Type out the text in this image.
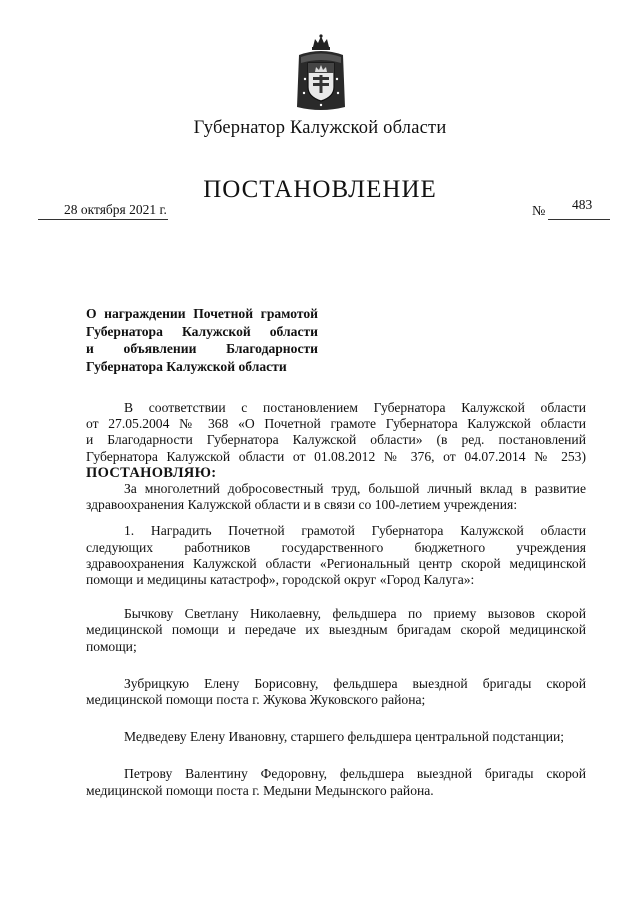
Губернатор Калужской области
ПОСТАНОВЛЕНИЕ
28 октября 2021 г.	№ 483
О награждении Почетной грамотой
Губернатора Калужской области
и объявлении Благодарности
Губернатора Калужской области

В соответствии с постановлением Губернатора Калужской области

от 27.05.2004 № 368 «О Почетной грамоте Губернатора Калужской области

и Благодарности Губернатора Калужской области» (в ред. постановлений

Губернатора Калужской области от 01.08.2012 № 376, от 04.07.2014 № 253)

ПОСТАНОВЛЯЮ:

За многолетний добросовестный труд, большой личный вклад в развитие

здравоохранения Калужской области и в связи со 100-летием учреждения:

1. Наградить Почетной грамотой Губернатора Калужской области

следующих работников государственного бюджетного учреждения

здравоохранения Калужской области «Региональный центр скорой медицинской

помощи и медицины катастроф», городской округ «Город Калуга»:

Бычкову Светлану Николаевну, фельдшера по приему вызовов скорой

медицинской помощи и передаче их выездным бригадам скорой медицинской

помощи;

Зубрицкую Елену Борисовну, фельдшера выездной бригады скорой

медицинской помощи поста г. Жукова Жуковского района;

Медведеву Елену Ивановну, старшего фельдшера центральной подстанции;

Петрову Валентину Федоровну, фельдшера выездной бригады скорой

медицинской помощи поста г. Медыни Медынского района.
